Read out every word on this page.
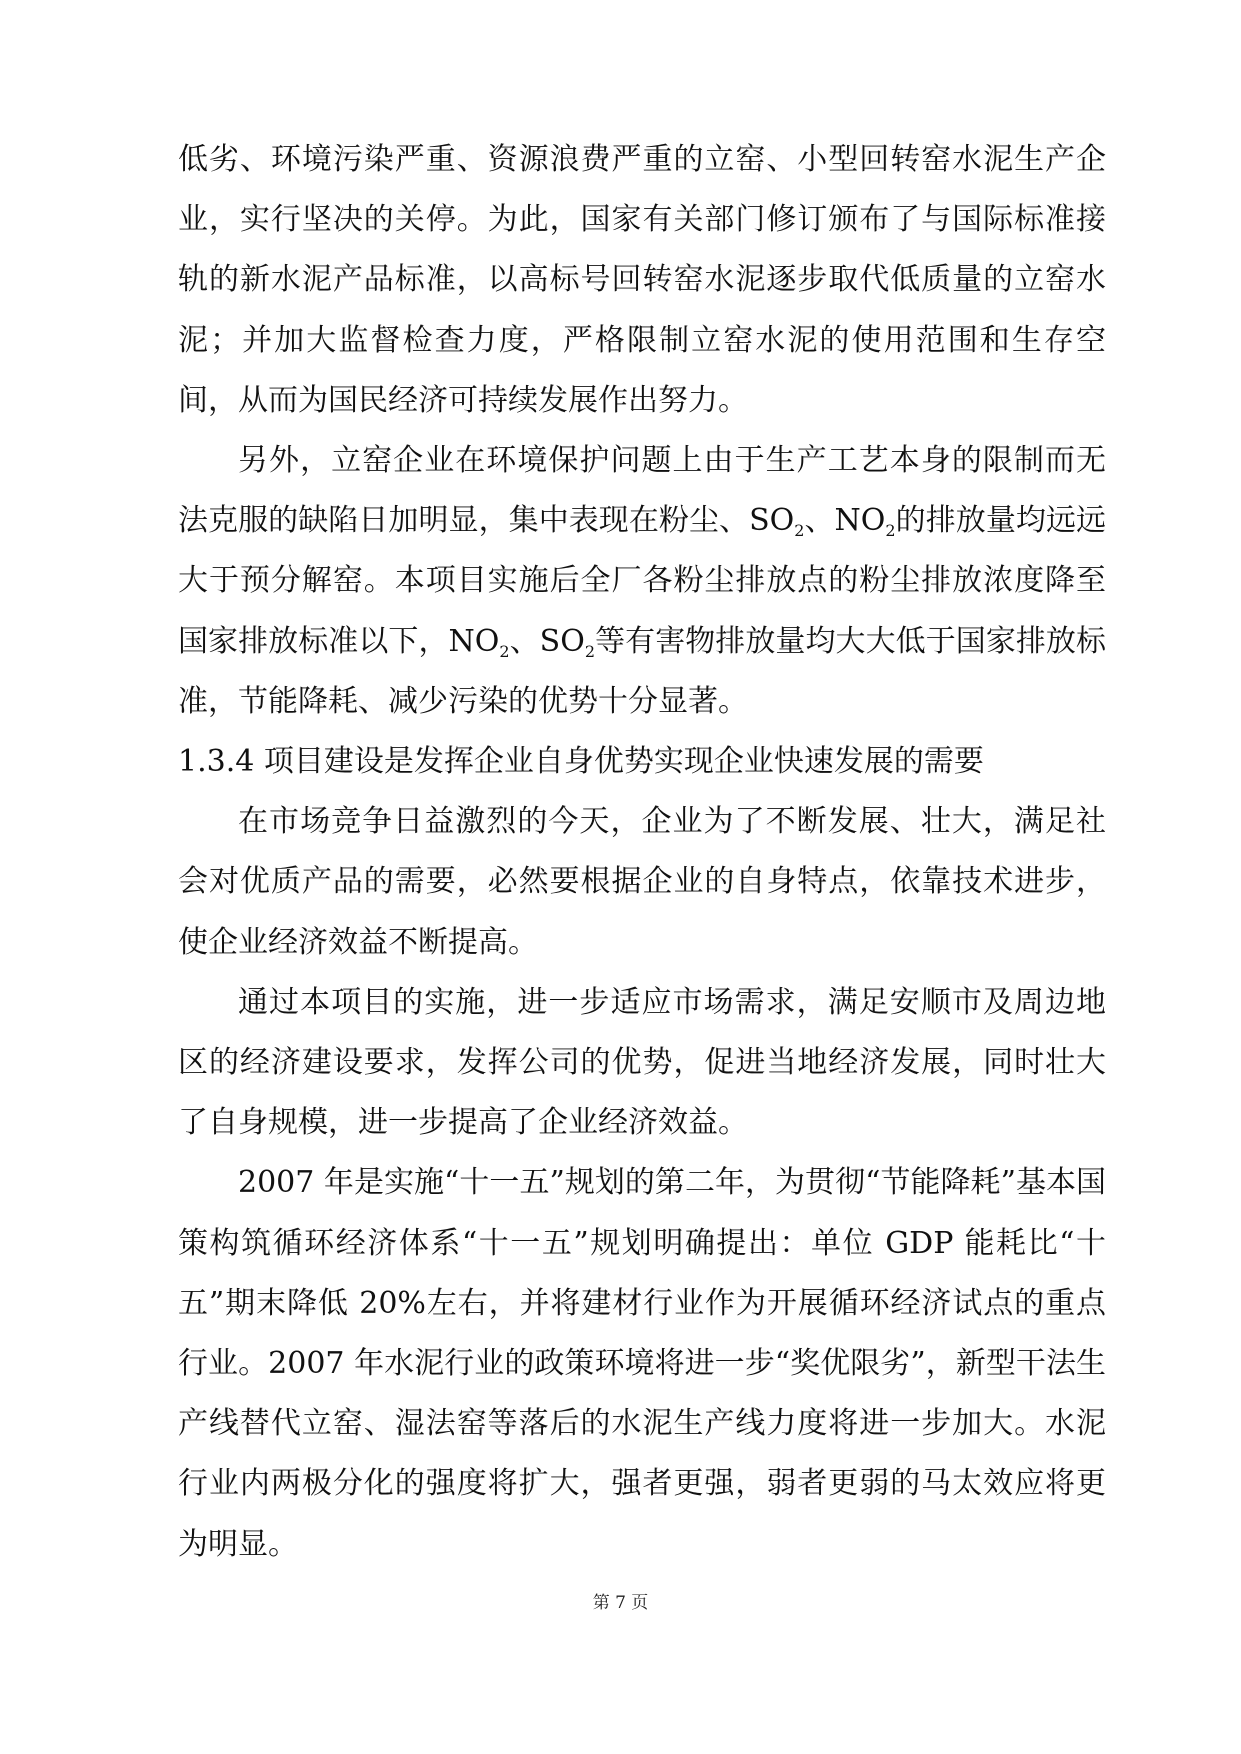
低劣、环境污染严重、资源浪费严重的立窑、小型回转窑水泥生产企业，实行坚决的关停。为此，国家有关部门修订颁布了与国际标准接轨的新水泥产品标准，以高标号回转窑水泥逐步取代低质量的立窑水泥；并加大监督检查力度，严格限制立窑水泥的使用范围和生存空间，从而为国民经济可持续发展作出努力。

另外，立窑企业在环境保护问题上由于生产工艺本身的限制而无法克服的缺陷日加明显，集中表现在粉尘、$SO_2$、$NO_2$的排放量均远远大于预分解窑。本项目实施后全厂各粉尘排放点的粉尘排放浓度降至国家排放标准以下，$NO_2$、$SO_2$等有害物排放量均大大低于国家排放标准，节能降耗、减少污染的优势十分显著。

1.3.4 项目建设是发挥企业自身优势实现企业快速发展的需要

在市场竞争日益激烈的今天，企业为了不断发展、壮大，满足社会对优质产品的需要，必然要根据企业的自身特点，依靠技术进步，使企业经济效益不断提高。

通过本项目的实施，进一步适应市场需求，满足安顺市及周边地区的经济建设要求，发挥公司的优势，促进当地经济发展，同时壮大了自身规模，进一步提高了企业经济效益。

2007 年是实施“十一五”规划的第二年，为贯彻“节能降耗”基本国策构筑循环经济体系“十一五”规划明确提出：单位 GDP 能耗比“十五”期末降低 20%左右，并将建材行业作为开展循环经济试点的重点行业。2007 年水泥行业的政策环境将进一步“奖优限劣”，新型干法生产线替代立窑、湿法窑等落后的水泥生产线力度将进一步加大。水泥行业内两极分化的强度将扩大，强者更强，弱者更弱的马太效应将更为明显。

第 7 页
